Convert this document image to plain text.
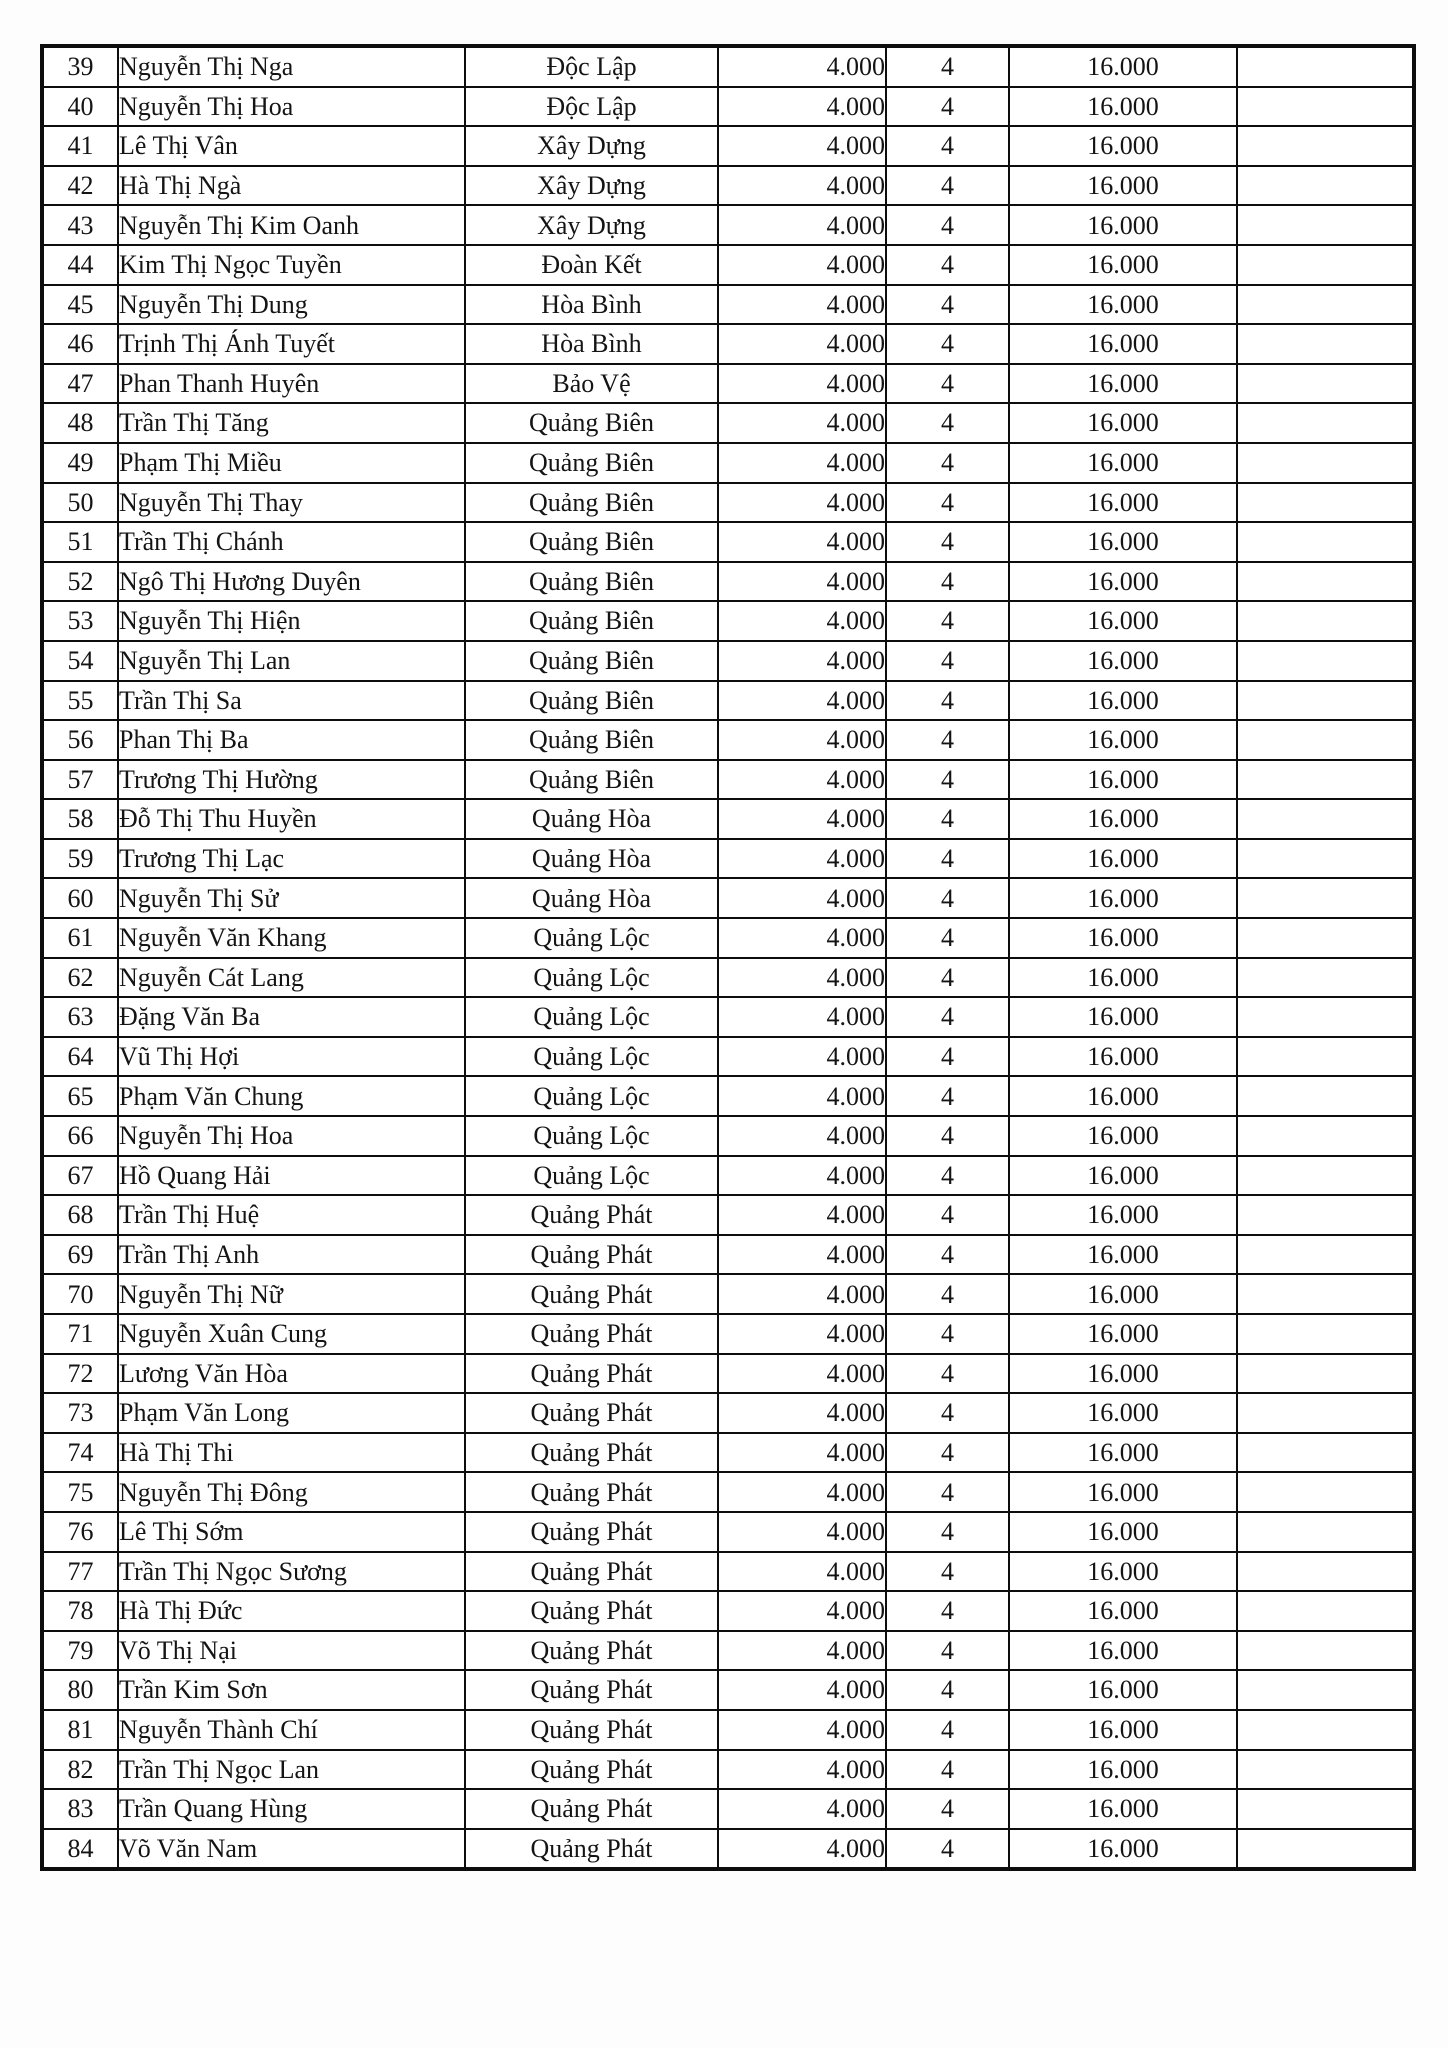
39	Nguyễn Thị Nga	Độc Lập	4.000	4	16.000	
40	Nguyễn Thị Hoa	Độc Lập	4.000	4	16.000	
41	Lê Thị Vân	Xây Dựng	4.000	4	16.000	
42	Hà Thị Ngà	Xây Dựng	4.000	4	16.000	
43	Nguyễn Thị Kim Oanh	Xây Dựng	4.000	4	16.000	
44	Kim Thị Ngọc Tuyền	Đoàn Kết	4.000	4	16.000	
45	Nguyễn Thị Dung	Hòa Bình	4.000	4	16.000	
46	Trịnh Thị Ánh Tuyết	Hòa Bình	4.000	4	16.000	
47	Phan Thanh Huyên	Bảo Vệ	4.000	4	16.000	
48	Trần Thị Tăng	Quảng Biên	4.000	4	16.000	
49	Phạm Thị Miều	Quảng Biên	4.000	4	16.000	
50	Nguyễn Thị Thay	Quảng Biên	4.000	4	16.000	
51	Trần Thị Chánh	Quảng Biên	4.000	4	16.000	
52	Ngô Thị Hương Duyên	Quảng Biên	4.000	4	16.000	
53	Nguyễn Thị Hiện	Quảng Biên	4.000	4	16.000	
54	Nguyễn Thị Lan	Quảng Biên	4.000	4	16.000	
55	Trần Thị Sa	Quảng Biên	4.000	4	16.000	
56	Phan Thị Ba	Quảng Biên	4.000	4	16.000	
57	Trương Thị Hường	Quảng Biên	4.000	4	16.000	
58	Đỗ Thị Thu Huyền	Quảng Hòa	4.000	4	16.000	
59	Trương Thị Lạc	Quảng Hòa	4.000	4	16.000	
60	Nguyễn Thị Sử	Quảng Hòa	4.000	4	16.000	
61	Nguyễn Văn Khang	Quảng Lộc	4.000	4	16.000	
62	Nguyễn Cát Lang	Quảng Lộc	4.000	4	16.000	
63	Đặng Văn Ba	Quảng Lộc	4.000	4	16.000	
64	Vũ Thị Hợi	Quảng Lộc	4.000	4	16.000	
65	Phạm Văn Chung	Quảng Lộc	4.000	4	16.000	
66	Nguyễn Thị Hoa	Quảng Lộc	4.000	4	16.000	
67	Hồ Quang Hải	Quảng Lộc	4.000	4	16.000	
68	Trần Thị Huệ	Quảng Phát	4.000	4	16.000	
69	Trần Thị Anh	Quảng Phát	4.000	4	16.000	
70	Nguyễn Thị Nữ	Quảng Phát	4.000	4	16.000	
71	Nguyễn Xuân Cung	Quảng Phát	4.000	4	16.000	
72	Lương Văn Hòa	Quảng Phát	4.000	4	16.000	
73	Phạm Văn Long	Quảng Phát	4.000	4	16.000	
74	Hà Thị Thi	Quảng Phát	4.000	4	16.000	
75	Nguyễn Thị Đông	Quảng Phát	4.000	4	16.000	
76	Lê Thị Sớm	Quảng Phát	4.000	4	16.000	
77	Trần Thị Ngọc Sương	Quảng Phát	4.000	4	16.000	
78	Hà Thị Đức	Quảng Phát	4.000	4	16.000	
79	Võ Thị Nại	Quảng Phát	4.000	4	16.000	
80	Trần Kim Sơn	Quảng Phát	4.000	4	16.000	
81	Nguyễn Thành Chí	Quảng Phát	4.000	4	16.000	
82	Trần Thị Ngọc Lan	Quảng Phát	4.000	4	16.000	
83	Trần Quang Hùng	Quảng Phát	4.000	4	16.000	
84	Võ Văn Nam	Quảng Phát	4.000	4	16.000	
